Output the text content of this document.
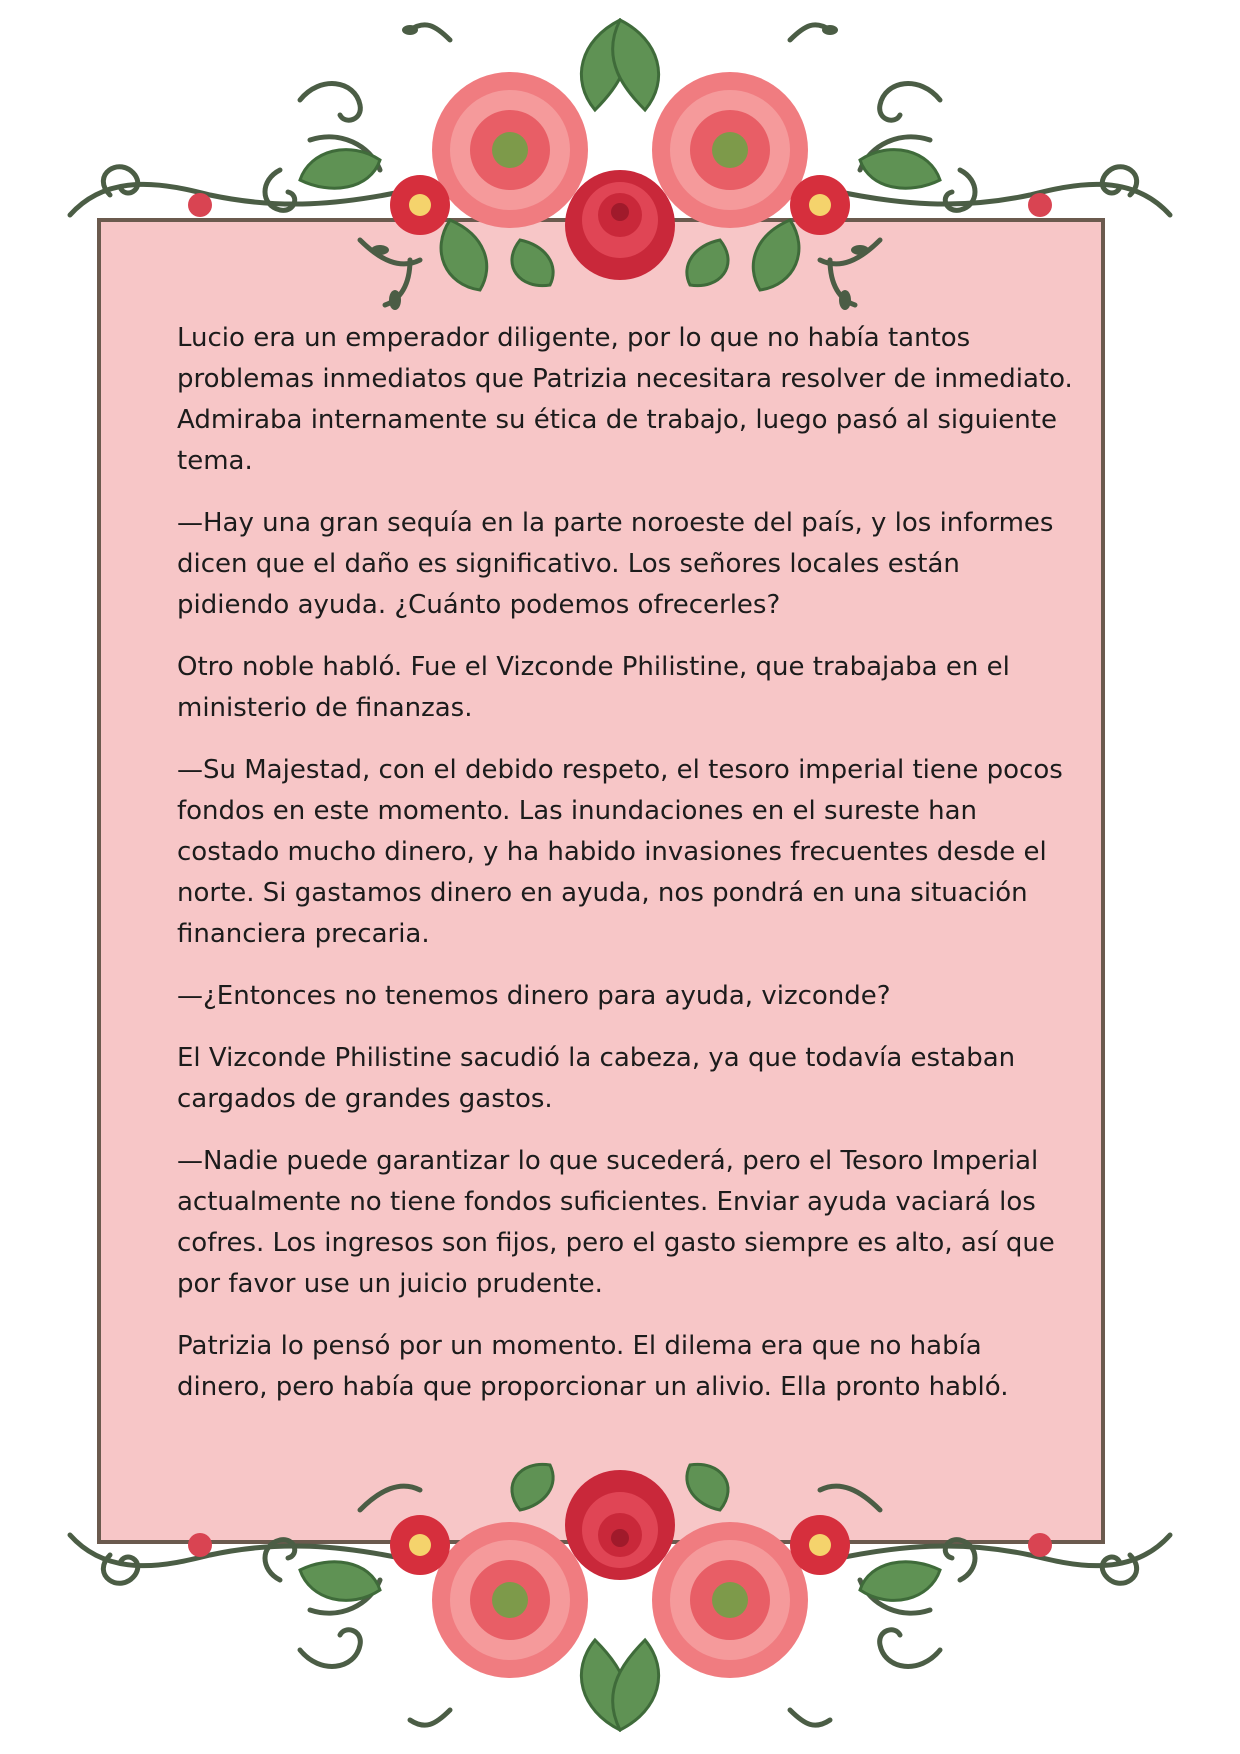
Lucio era un emperador diligente, por lo que no había tantos problemas inmediatos que Patrizia necesitara resolver de inmediato. Admiraba internamente su ética de trabajo, luego pasó al siguiente tema.

—Hay una gran sequía en la parte noroeste del país, y los informes dicen que el daño es significativo. Los señores locales están pidiendo ayuda. ¿Cuánto podemos ofrecerles?

Otro noble habló. Fue el Vizconde Philistine, que trabajaba en el ministerio de finanzas.

—Su Majestad, con el debido respeto, el tesoro imperial tiene pocos fondos en este momento. Las inundaciones en el sureste han costado mucho dinero, y ha habido invasiones frecuentes desde el norte. Si gastamos dinero en ayuda, nos pondrá en una situación financiera precaria.

—¿Entonces no tenemos dinero para ayuda, vizconde?

El Vizconde Philistine sacudió la cabeza, ya que todavía estaban cargados de grandes gastos.

—Nadie puede garantizar lo que sucederá, pero el Tesoro Imperial actualmente no tiene fondos suficientes. Enviar ayuda vaciará los cofres. Los ingresos son fijos, pero el gasto siempre es alto, así que por favor use un juicio prudente.

Patrizia lo pensó por un momento. El dilema era que no había dinero, pero había que proporcionar un alivio. Ella pronto habló.
